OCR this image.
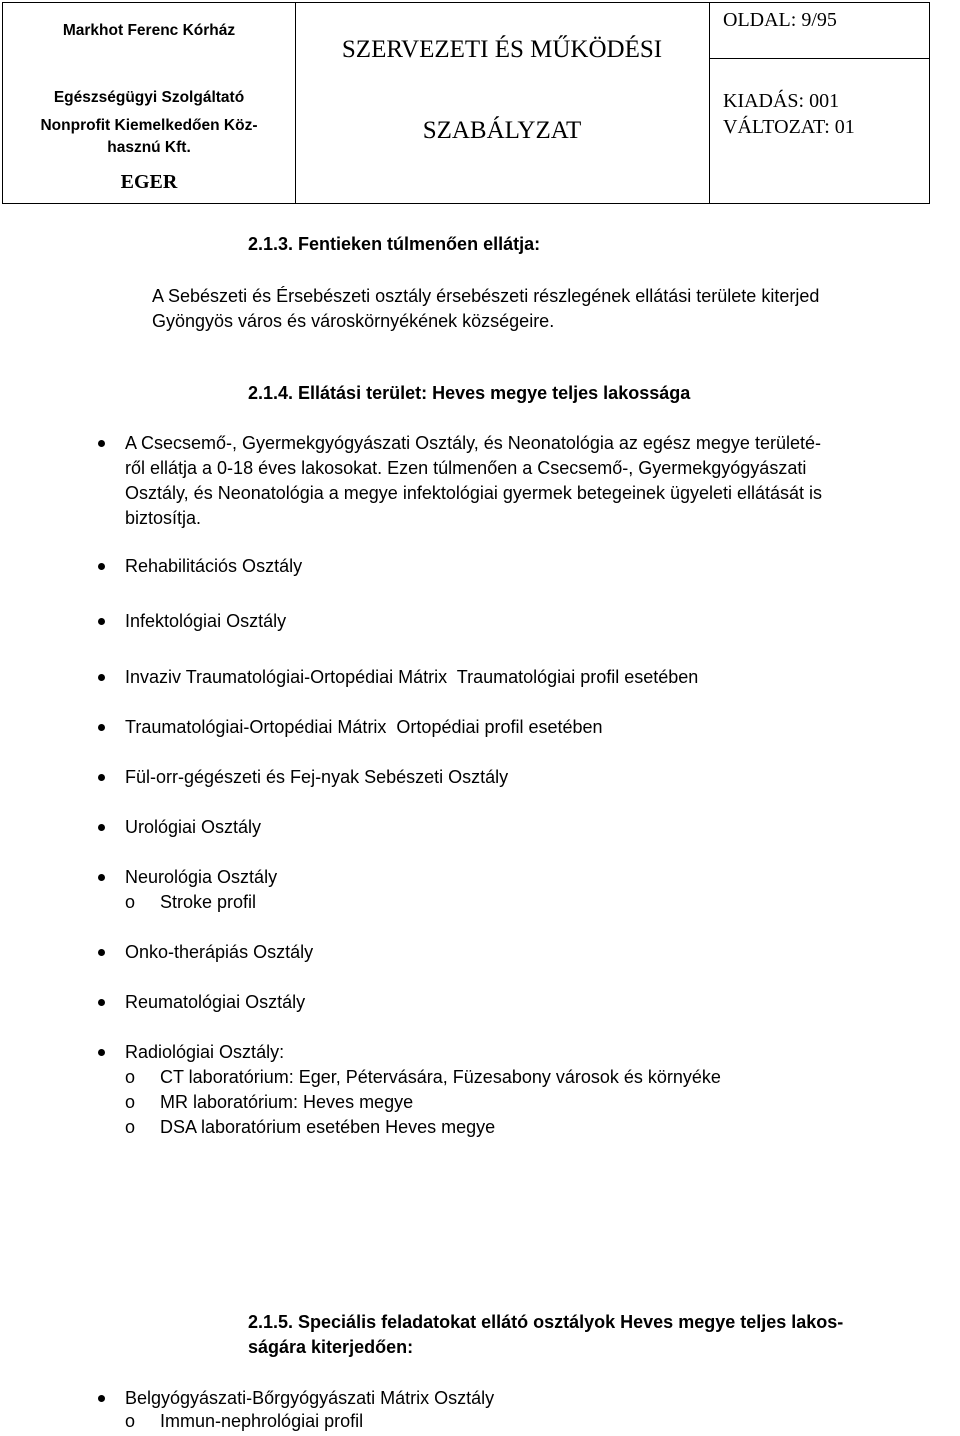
Markhot Ferenc Kórház
Egészségügyi Szolgáltató
Nonprofit Kiemelkedően Köz-
hasznú Kft.
EGER
SZERVEZETI ÉS MŰKÖDÉSI
SZABÁLYZAT
OLDAL: 9/95
KIADÁS: 001
VÁLTOZAT: 01
2.1.3. Fentieken túlmenően ellátja:
A Sebészeti és Érsebészeti osztály érsebészeti részlegének ellátási területe kiterjed
Gyöngyös város és városkörnyékének községeire.
2.1.4. Ellátási terület: Heves megye teljes lakossága
A Csecsemő-, Gyermekgyógyászati Osztály, és Neonatológia az egész megye területé-
ről ellátja a 0-18 éves lakosokat. Ezen túlmenően a Csecsemő-, Gyermekgyógyászati
Osztály, és Neonatológia a megye infektológiai gyermek betegeinek ügyeleti ellátását is
biztosítja.
Rehabilitációs Osztály
Infektológiai Osztály
Invaziv Traumatológiai-Ortopédiai Mátrix  Traumatológiai profil esetében
Traumatológiai-Ortopédiai Mátrix  Ortopédiai profil esetében
Fül-orr-gégészeti és Fej-nyak Sebészeti Osztály
Urológiai Osztály
Neurológia Osztály
o Stroke profil
Onko-therápiás Osztály
Reumatológiai Osztály
Radiológiai Osztály:
o CT laboratórium: Eger, Pétervására, Füzesabony városok és környéke
o MR laboratórium: Heves megye
o DSA laboratórium esetében Heves megye
2.1.5. Speciális feladatokat ellátó osztályok Heves megye teljes lakos-
ságára kiterjedően:
Belgyógyászati-Bőrgyógyászati Mátrix Osztály
o Immun-nephrológiai profil
